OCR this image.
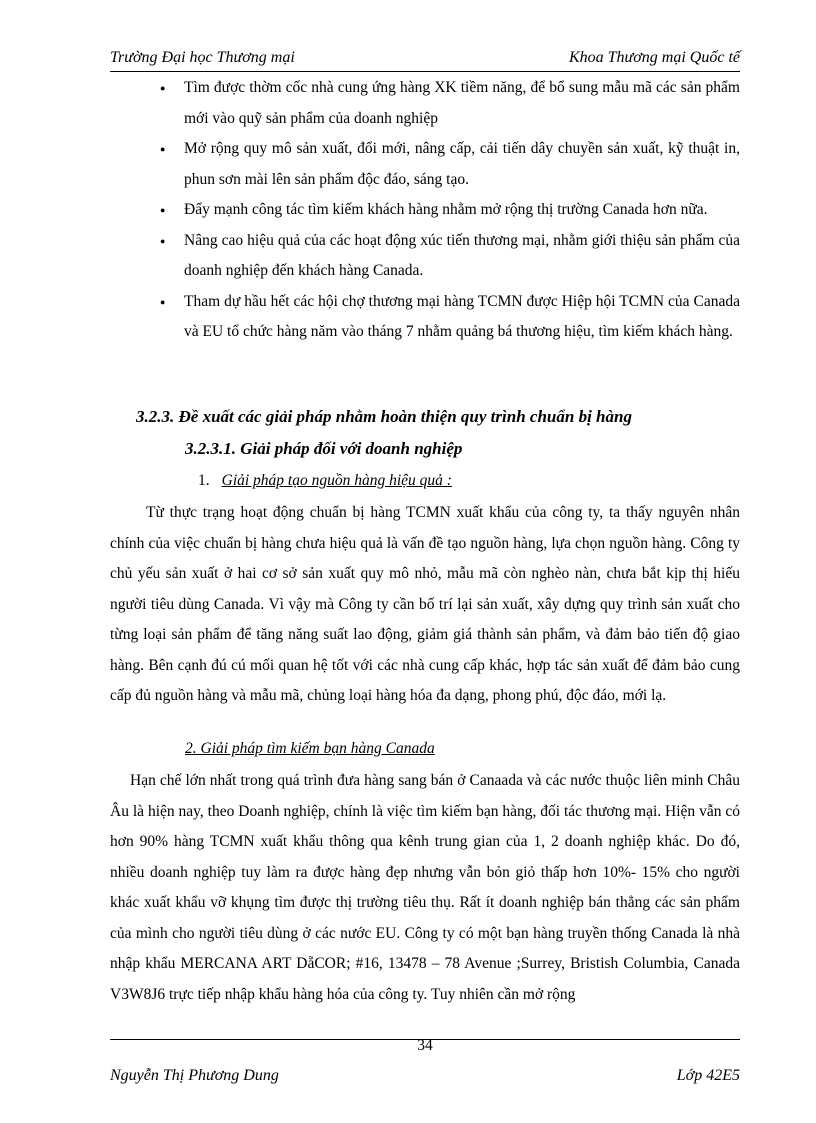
Trường Đại học Thương mại	Khoa Thương mại Quốc tế
● Tìm được thờm cốc nhà cung ứng hàng XK tiềm năng, để bổ sung mẫu mã các sản phẩm mới vào quỹ sản phẩm của doanh nghiệp
● Mở rộng quy mô sản xuất, đổi mới, nâng cấp, cải tiến dây chuyền sản xuất, kỹ thuật in, phun sơn mài lên sản phẩm độc đáo, sáng tạo.
● Đẩy mạnh công tác tìm kiếm khách hàng nhằm mở rộng thị trường Canada hơn nữa.
● Nâng cao hiệu quả của các hoạt động xúc tiến thương mại, nhằm giới thiệu sản phẩm của doanh nghiệp đến khách hàng Canada.
● Tham dự hầu hết các hội chợ thương mại hàng TCMN được Hiệp hội TCMN của Canada và EU tổ chức hàng năm vào tháng 7 nhằm quảng bá thương hiệu, tìm kiếm khách hàng.
3.2.3. Đề xuất các giải pháp nhằm hoàn thiện quy trình chuẩn bị hàng
3.2.3.1. Giải pháp đối với doanh nghiệp
1. Giải pháp tạo nguồn hàng hiệu quả :

Từ thực trạng hoạt động chuẩn bị hàng TCMN xuất khẩu của công ty, ta thấy nguyên nhân chính của việc chuẩn bị hàng chưa hiệu quả là vấn đề tạo nguồn hàng, lựa chọn nguồn hàng. Công ty chủ yếu sản xuất ở hai cơ sở sản xuất quy mô nhỏ, mẫu mã còn nghèo nàn, chưa bắt kịp thị hiếu người tiêu dùng Canada. Vì vậy mà Công ty cần bố trí lại sản xuất, xây dựng quy trình sản xuất cho từng loại sản phẩm để tăng năng suất lao động, giảm giá thành sản phẩm, và đảm bảo tiến độ giao hàng. Bên cạnh đú cú mối quan hệ tốt với các nhà cung cấp khác, hợp tác sản xuất để đảm bảo cung cấp đủ nguồn hàng và mẫu mã, chủng loại hàng hóa đa dạng, phong phú, độc đáo, mới lạ.

2. Giải pháp tìm kiếm bạn hàng Canada

Hạn chế lớn nhất trong quá trình đưa hàng sang bán ở Canaada và các nước thuộc liên minh Châu Âu là hiện nay, theo Doanh nghiệp, chính là việc tìm kiếm bạn hàng, đối tác thương mại. Hiện vẫn có hơn 90% hàng TCMN xuất khẩu thông qua kênh trung gian của 1, 2 doanh nghiệp khác. Do đó, nhiều doanh nghiệp tuy làm ra được hàng đẹp nhưng vẫn bỏn giỏ thấp hơn 10%- 15% cho người khác xuất khẩu vỡ khụng tìm được thị trường tiêu thụ. Rất ít doanh nghiệp bán thẳng các sản phẩm của mình cho người tiêu dùng ở các nước EU. Công ty có một bạn hàng truyền thống Canada là nhà nhập khẩu MERCANA ART DẵCOR; #16, 13478 – 78 Avenue ;Surrey, Bristish Columbia, Canada V3W8J6 trực tiếp nhập khẩu hàng hóa của công ty. Tuy nhiên cần mở rộng

34
Nguyễn Thị Phương Dung	Lớp 42E5
